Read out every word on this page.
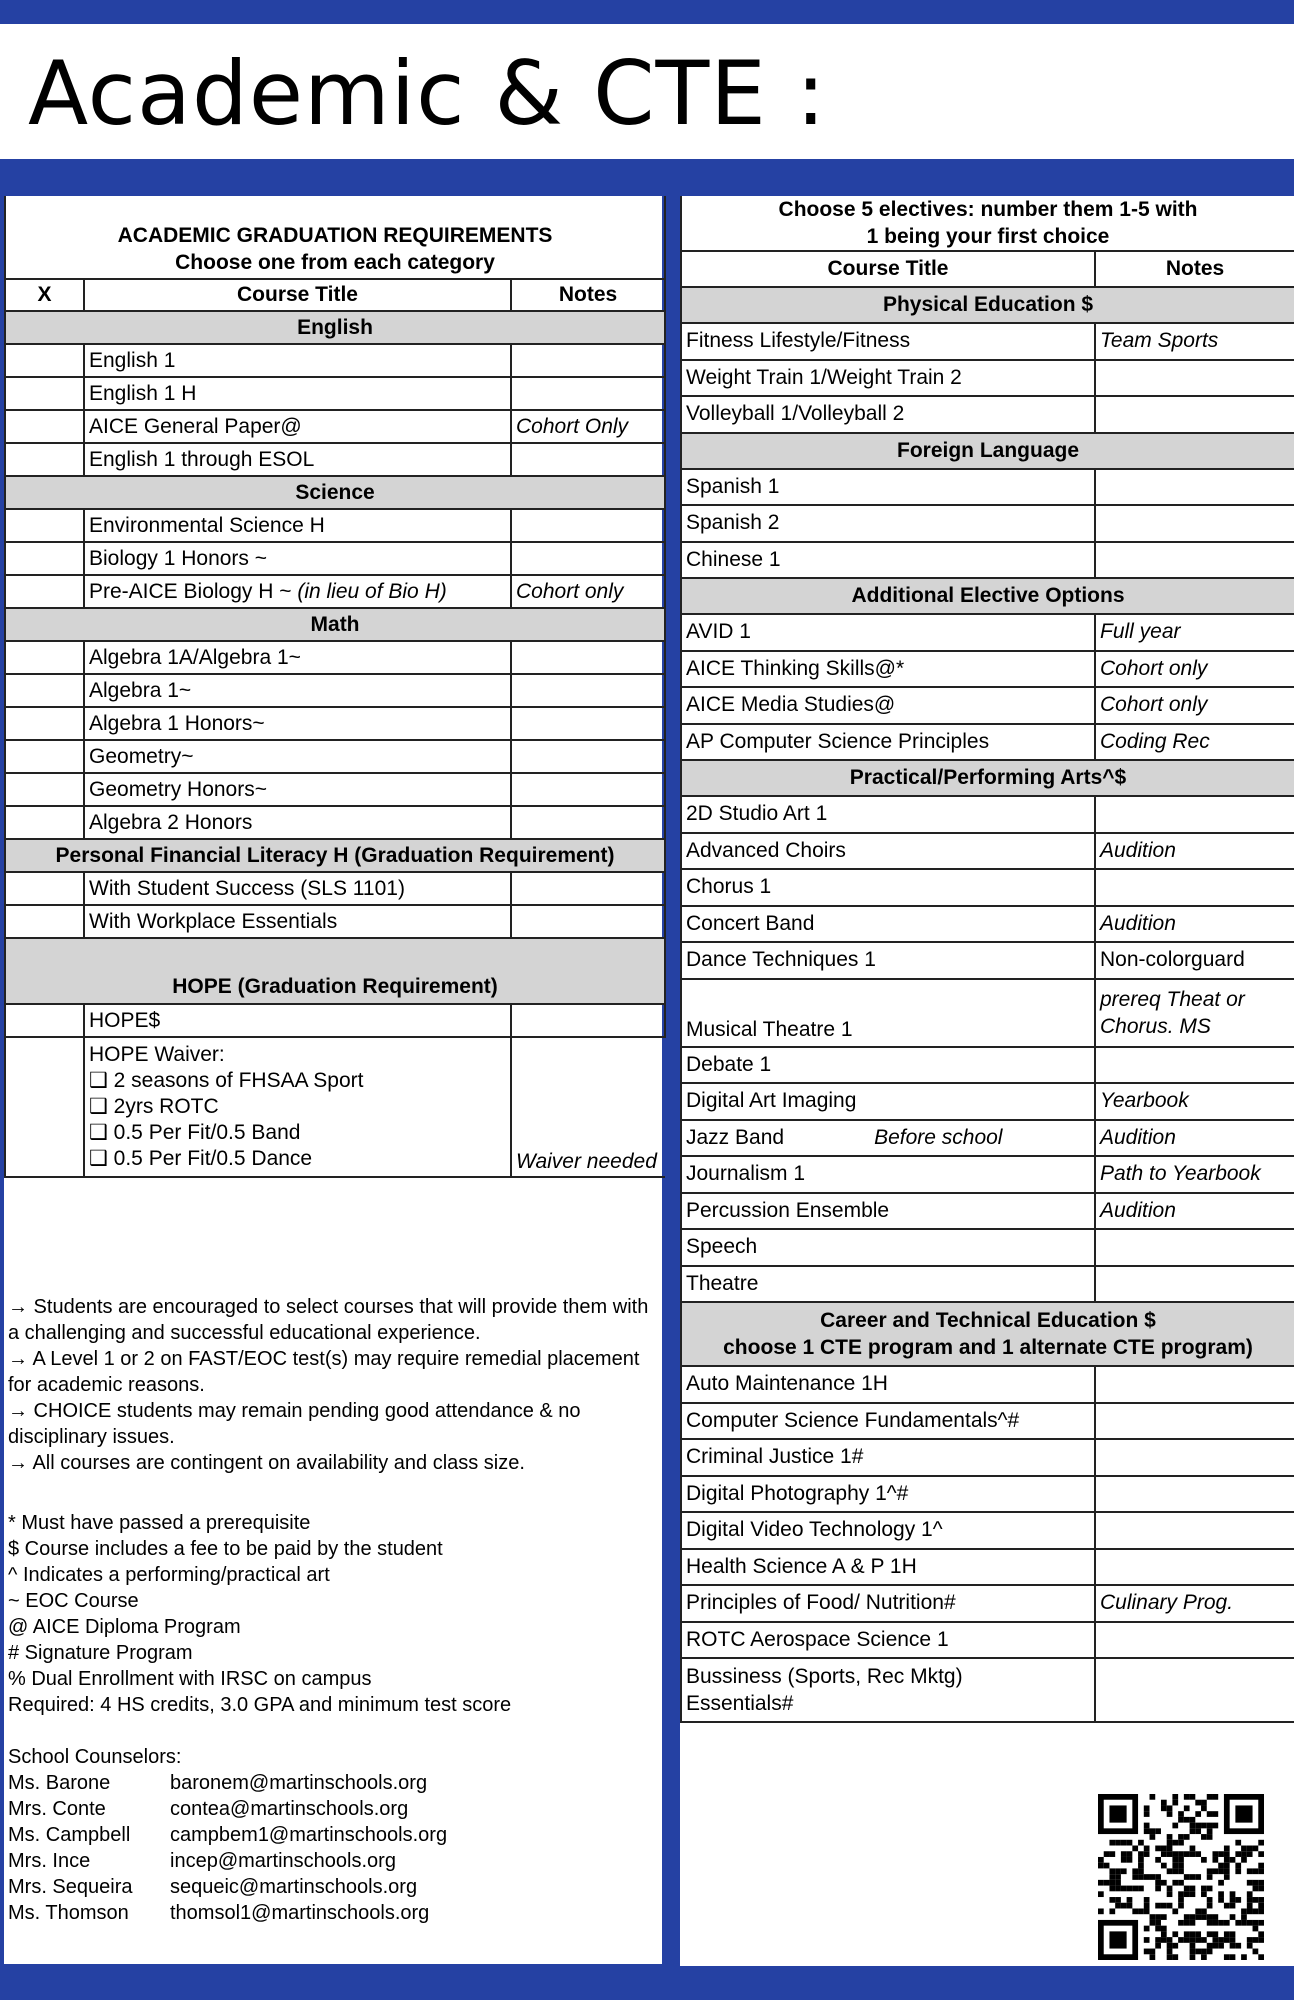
Academic & CTE :
ACADEMIC GRADUATION REQUIREMENTS
Choose one from each category		
X	Course Title	Notes
English		
	English 1	
	English 1 H	
	AICE General Paper@	Cohort Only
	English 1 through ESOL	
Science		
	Environmental Science H	
	Biology 1 Honors ~	
	Pre-AICE Biology H ~ (in lieu of Bio H)	Cohort only
Math		
	Algebra 1A/Algebra 1~	
	Algebra 1~	
	Algebra 1 Honors~	
	Geometry~	
	Geometry Honors~	
	Algebra 2 Honors	
Personal Financial Literacy H (Graduation Requirement)		
	With Student Success (SLS 1101)	
	With Workplace Essentials	
HOPE (Graduation Requirement)		
	HOPE$	
	HOPE Waiver:
❑ 2 seasons of FHSAA Sport
❑ 2yrs ROTC
❑ 0.5 Per Fit/0.5 Band
❑ 0.5 Per Fit/0.5 Dance	Waiver needed

→ Students are encouraged to select courses that will provide them with a challenging and successful educational experience.

→ A Level 1 or 2 on FAST/EOC test(s) may require remedial placement for academic reasons.

→ CHOICE students may remain pending good attendance & no disciplinary issues.

→ All courses are contingent on availability and class size.

* Must have passed a prerequisite

$ Course includes a fee to be paid by the student

^ Indicates a performing/practical art

~ EOC Course

@ AICE Diploma Program

# Signature Program

% Dual Enrollment with IRSC on campus

Required: 4 HS credits, 3.0 GPA and minimum test score

School Counselors:
Ms. Barone	baronem@martinschools.org
Mrs. Conte	contea@martinschools.org
Ms. Campbell	campbem1@martinschools.org
Mrs. Ince	incep@martinschools.org
Mrs. Sequeira	sequeic@martinschools.org
Ms. Thomson	thomsol1@martinschools.org
Choose 5 electives: number them 1-5 with
1 being your first choice	
Course Title	Notes
Physical Education $	
Fitness Lifestyle/Fitness	Team Sports
Weight Train 1/Weight Train 2	
Volleyball 1/Volleyball 2	
Foreign Language	
Spanish 1	
Spanish 2	
Chinese 1	
Additional Elective Options	
AVID 1	Full year
AICE Thinking Skills@*	Cohort only
AICE Media Studies@	Cohort only
AP Computer Science Principles	Coding Rec
Practical/Performing Arts^$	
2D Studio Art 1	
Advanced Choirs	Audition
Chorus 1	
Concert Band	Audition
Dance Techniques 1	Non-colorguard
Musical Theatre 1	prereq Theat or
Chorus. MS
Debate 1	
Digital Art Imaging	Yearbook
Jazz Band Before school	Audition
Journalism 1	Path to Yearbook
Percussion Ensemble	Audition
Speech	
Theatre	
Career and Technical Education $
choose 1 CTE program and 1 alternate CTE program)	
Auto Maintenance 1H	
Computer Science Fundamentals^#	
Criminal Justice 1#	
Digital Photography 1^#	
Digital Video Technology 1^	
Health Science A & P 1H	
Principles of Food/ Nutrition#	Culinary Prog.
ROTC Aerospace Science 1	
Bussiness (Sports, Rec Mktg)
Essentials#	
